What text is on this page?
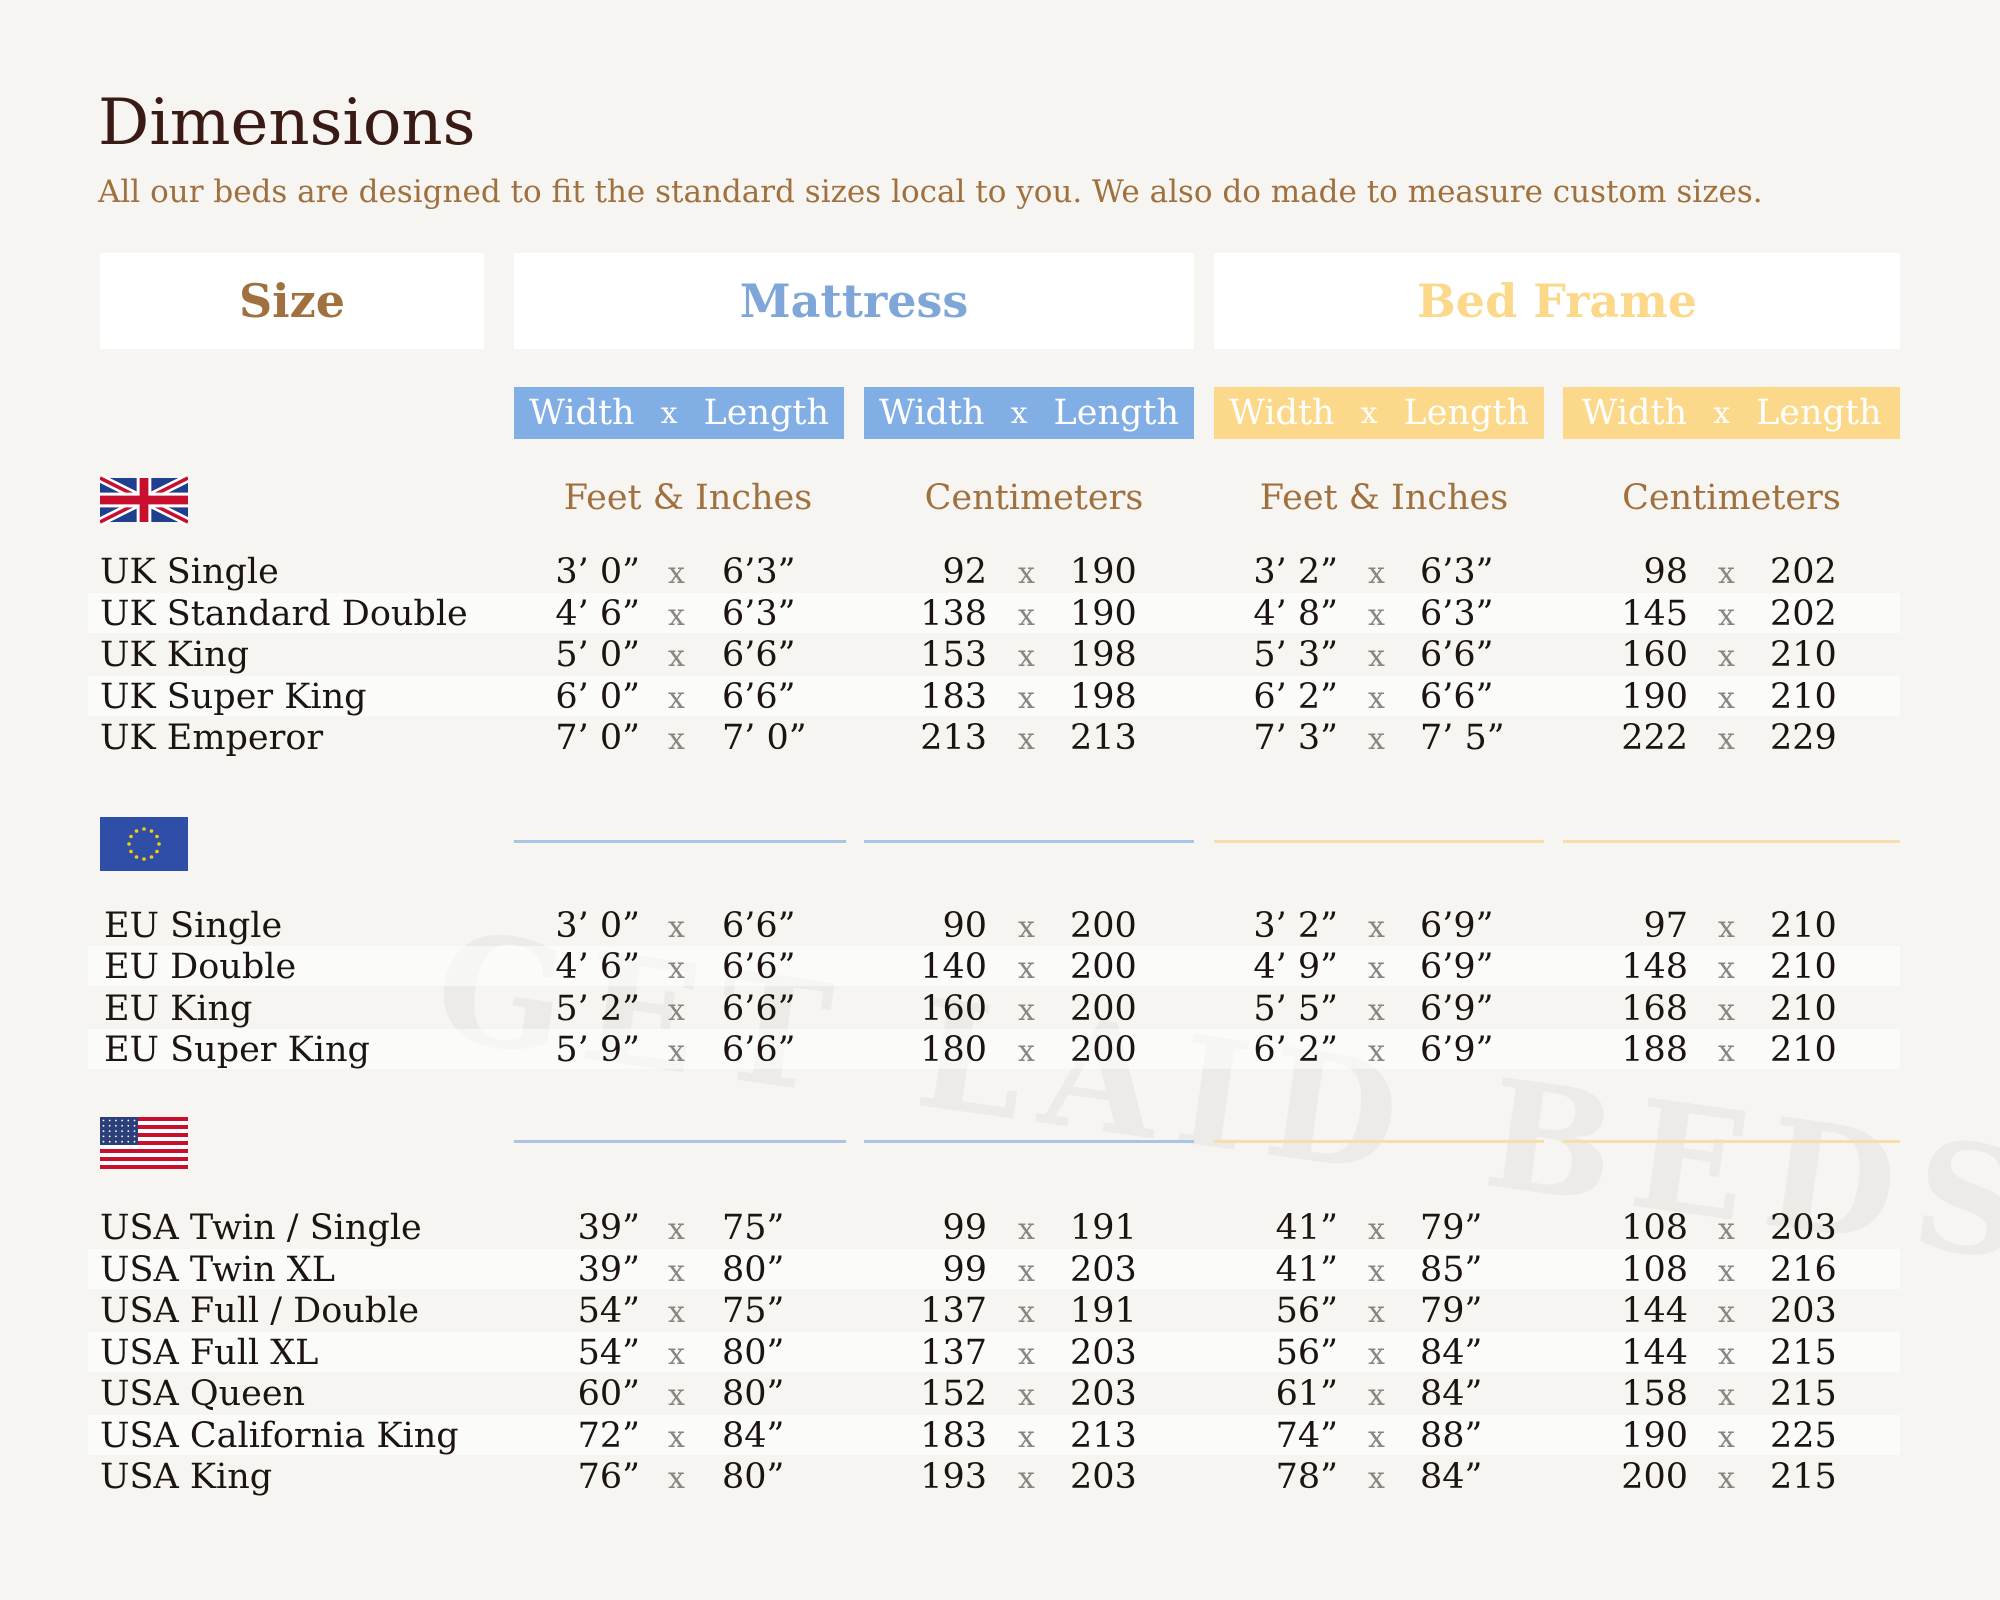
Dimensions
All our beds are designed to fit the standard sizes local to you. We also do made to measure custom sizes.
Size	Mattress	Bed Frame
Width x Length Width x Length Width x Length Width x Length
Feet & Inches	Centimeters	Feet & Inches	Centimeters
UK Single	3’ 0” x 6’3”	92 x 190	3’ 2” x 6’3”	98 x 202
UK Standard Double	4’ 6” x 6’3”	138 x 190	4’ 8” x 6’3”	145 x 202
UK King	5’ 0” x 6’6”	153 x 198	5’ 3” x 6’6”	160 x 210
UK Super King	6’ 0” x 6’6”	183 x 198	6’ 2” x 6’6”	190 x 210
UK Emperor	7’ 0” x 7’ 0”	213 x 213	7’ 3” x 7’ 5”	222 x 229
EU Single	3’ 0” x 6’6”	90 x 200	3’ 2” x 6’9”	97 x 210
EU Double	4’ 6” x 6’6”	140 x 200	4’ 9” x 6’9”	148 x 210
EU King	5’ 2” x 6’6”	160 x 200	5’ 5” x 6’9”	168 x 210
EU Super King	5’ 9” x 6’6”	180 x 200	6’ 2” x 6’9”	188 x 210
USA Twin / Single	39” x 75”	99 x 191	41” x 79”	108 x 203
USA Twin XL	39” x 80”	99 x 203	41” x 85”	108 x 216
USA Full / Double	54” x 75”	137 x 191	56” x 79”	144 x 203
USA Full XL	54” x 80”	137 x 203	56” x 84”	144 x 215
USA Queen	60” x 80”	152 x 203	61” x 84”	158 x 215
USA California King	72” x 84”	183 x 213	74” x 88”	190 x 225
USA King	76” x 80”	193 x 203	78” x 84”	200 x 215
